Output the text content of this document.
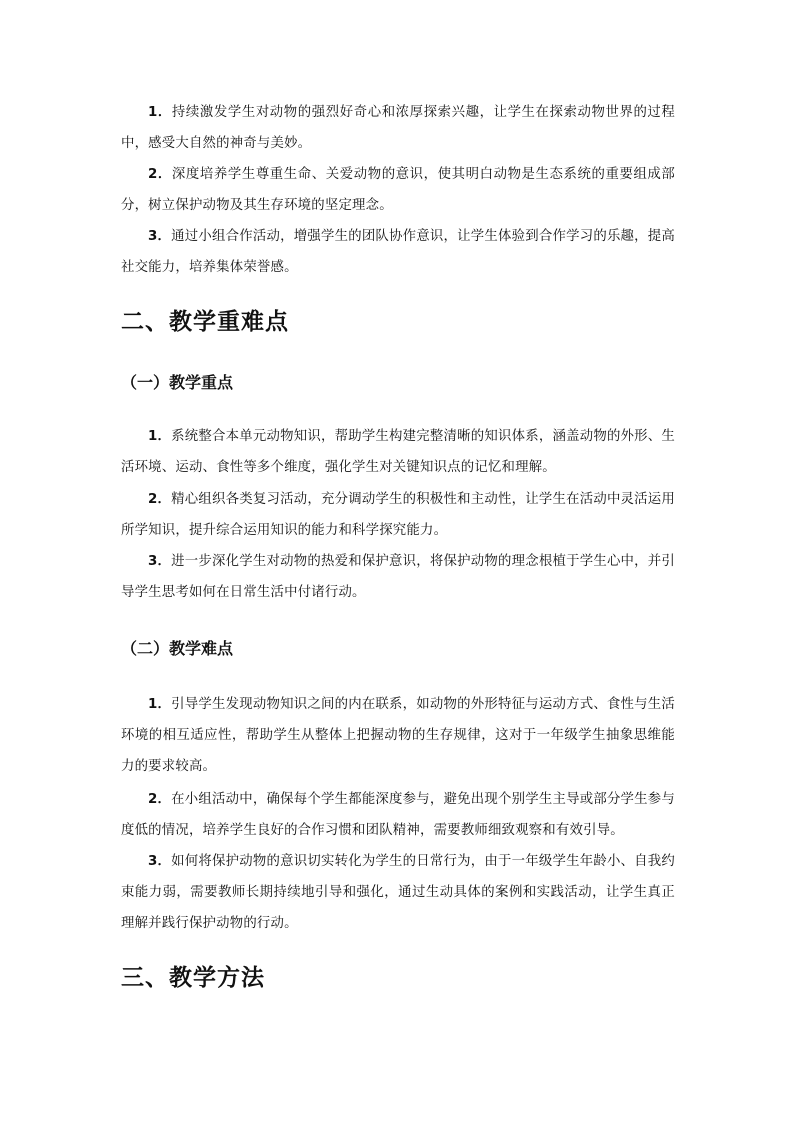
1．持续激发学生对动物的强烈好奇心和浓厚探索兴趣，让学生在探索动物世界的过程中，感受大自然的神奇与美妙。

2．深度培养学生尊重生命、关爱动物的意识，使其明白动物是生态系统的重要组成部分，树立保护动物及其生存环境的坚定理念。

3．通过小组合作活动，增强学生的团队协作意识，让学生体验到合作学习的乐趣，提高社交能力，培养集体荣誉感。

二、教学重难点
（一）教学重点

1．系统整合本单元动物知识，帮助学生构建完整清晰的知识体系，涵盖动物的外形、生活环境、运动、食性等多个维度，强化学生对关键知识点的记忆和理解。

2．精心组织各类复习活动，充分调动学生的积极性和主动性，让学生在活动中灵活运用所学知识，提升综合运用知识的能力和科学探究能力。

3．进一步深化学生对动物的热爱和保护意识，将保护动物的理念根植于学生心中，并引导学生思考如何在日常生活中付诸行动。

（二）教学难点

1．引导学生发现动物知识之间的内在联系，如动物的外形特征与运动方式、食性与生活环境的相互适应性，帮助学生从整体上把握动物的生存规律，这对于一年级学生抽象思维能力的要求较高。

2．在小组活动中，确保每个学生都能深度参与，避免出现个别学生主导或部分学生参与度低的情况，培养学生良好的合作习惯和团队精神，需要教师细致观察和有效引导。

3．如何将保护动物的意识切实转化为学生的日常行为，由于一年级学生年龄小、自我约束能力弱，需要教师长期持续地引导和强化，通过生动具体的案例和实践活动，让学生真正理解并践行保护动物的行动。

三、教学方法
